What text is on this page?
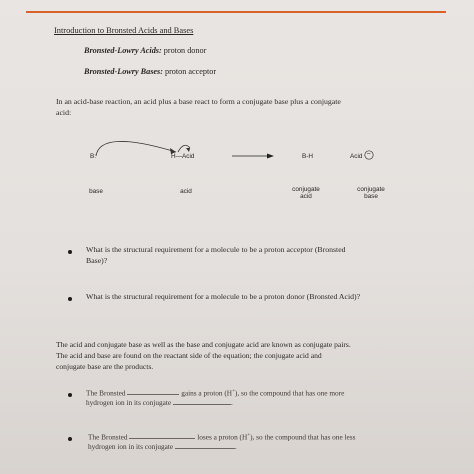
Introduction to Bronsted Acids and Bases
Bronsted-Lowry Acids: proton donor
Bronsted-Lowry Bases: proton acceptor
In an acid-base reaction, an acid plus a base react to form a conjugate base plus a conjugate
acid:
B:	H—Acid	B-H	Acid −
base	acid	conjugate
acid
conjugate
base
What is the structural requirement for a molecule to be a proton acceptor (Bronsted
Base)?
What is the structural requirement for a molecule to be a proton donor (Bronsted Acid)?
The acid and conjugate base as well as the base and conjugate acid are known as conjugate pairs.
The acid and base are found on the reactant side of the equation; the conjugate acid and
conjugate base are the products.
The Bronsted	gains a proton (H+), so the compound that has one more
hydrogen ion in its conjugate	.
The Bronsted	loses a proton (H+), so the compound that has one less
hydrogen ion in its conjugate	.
